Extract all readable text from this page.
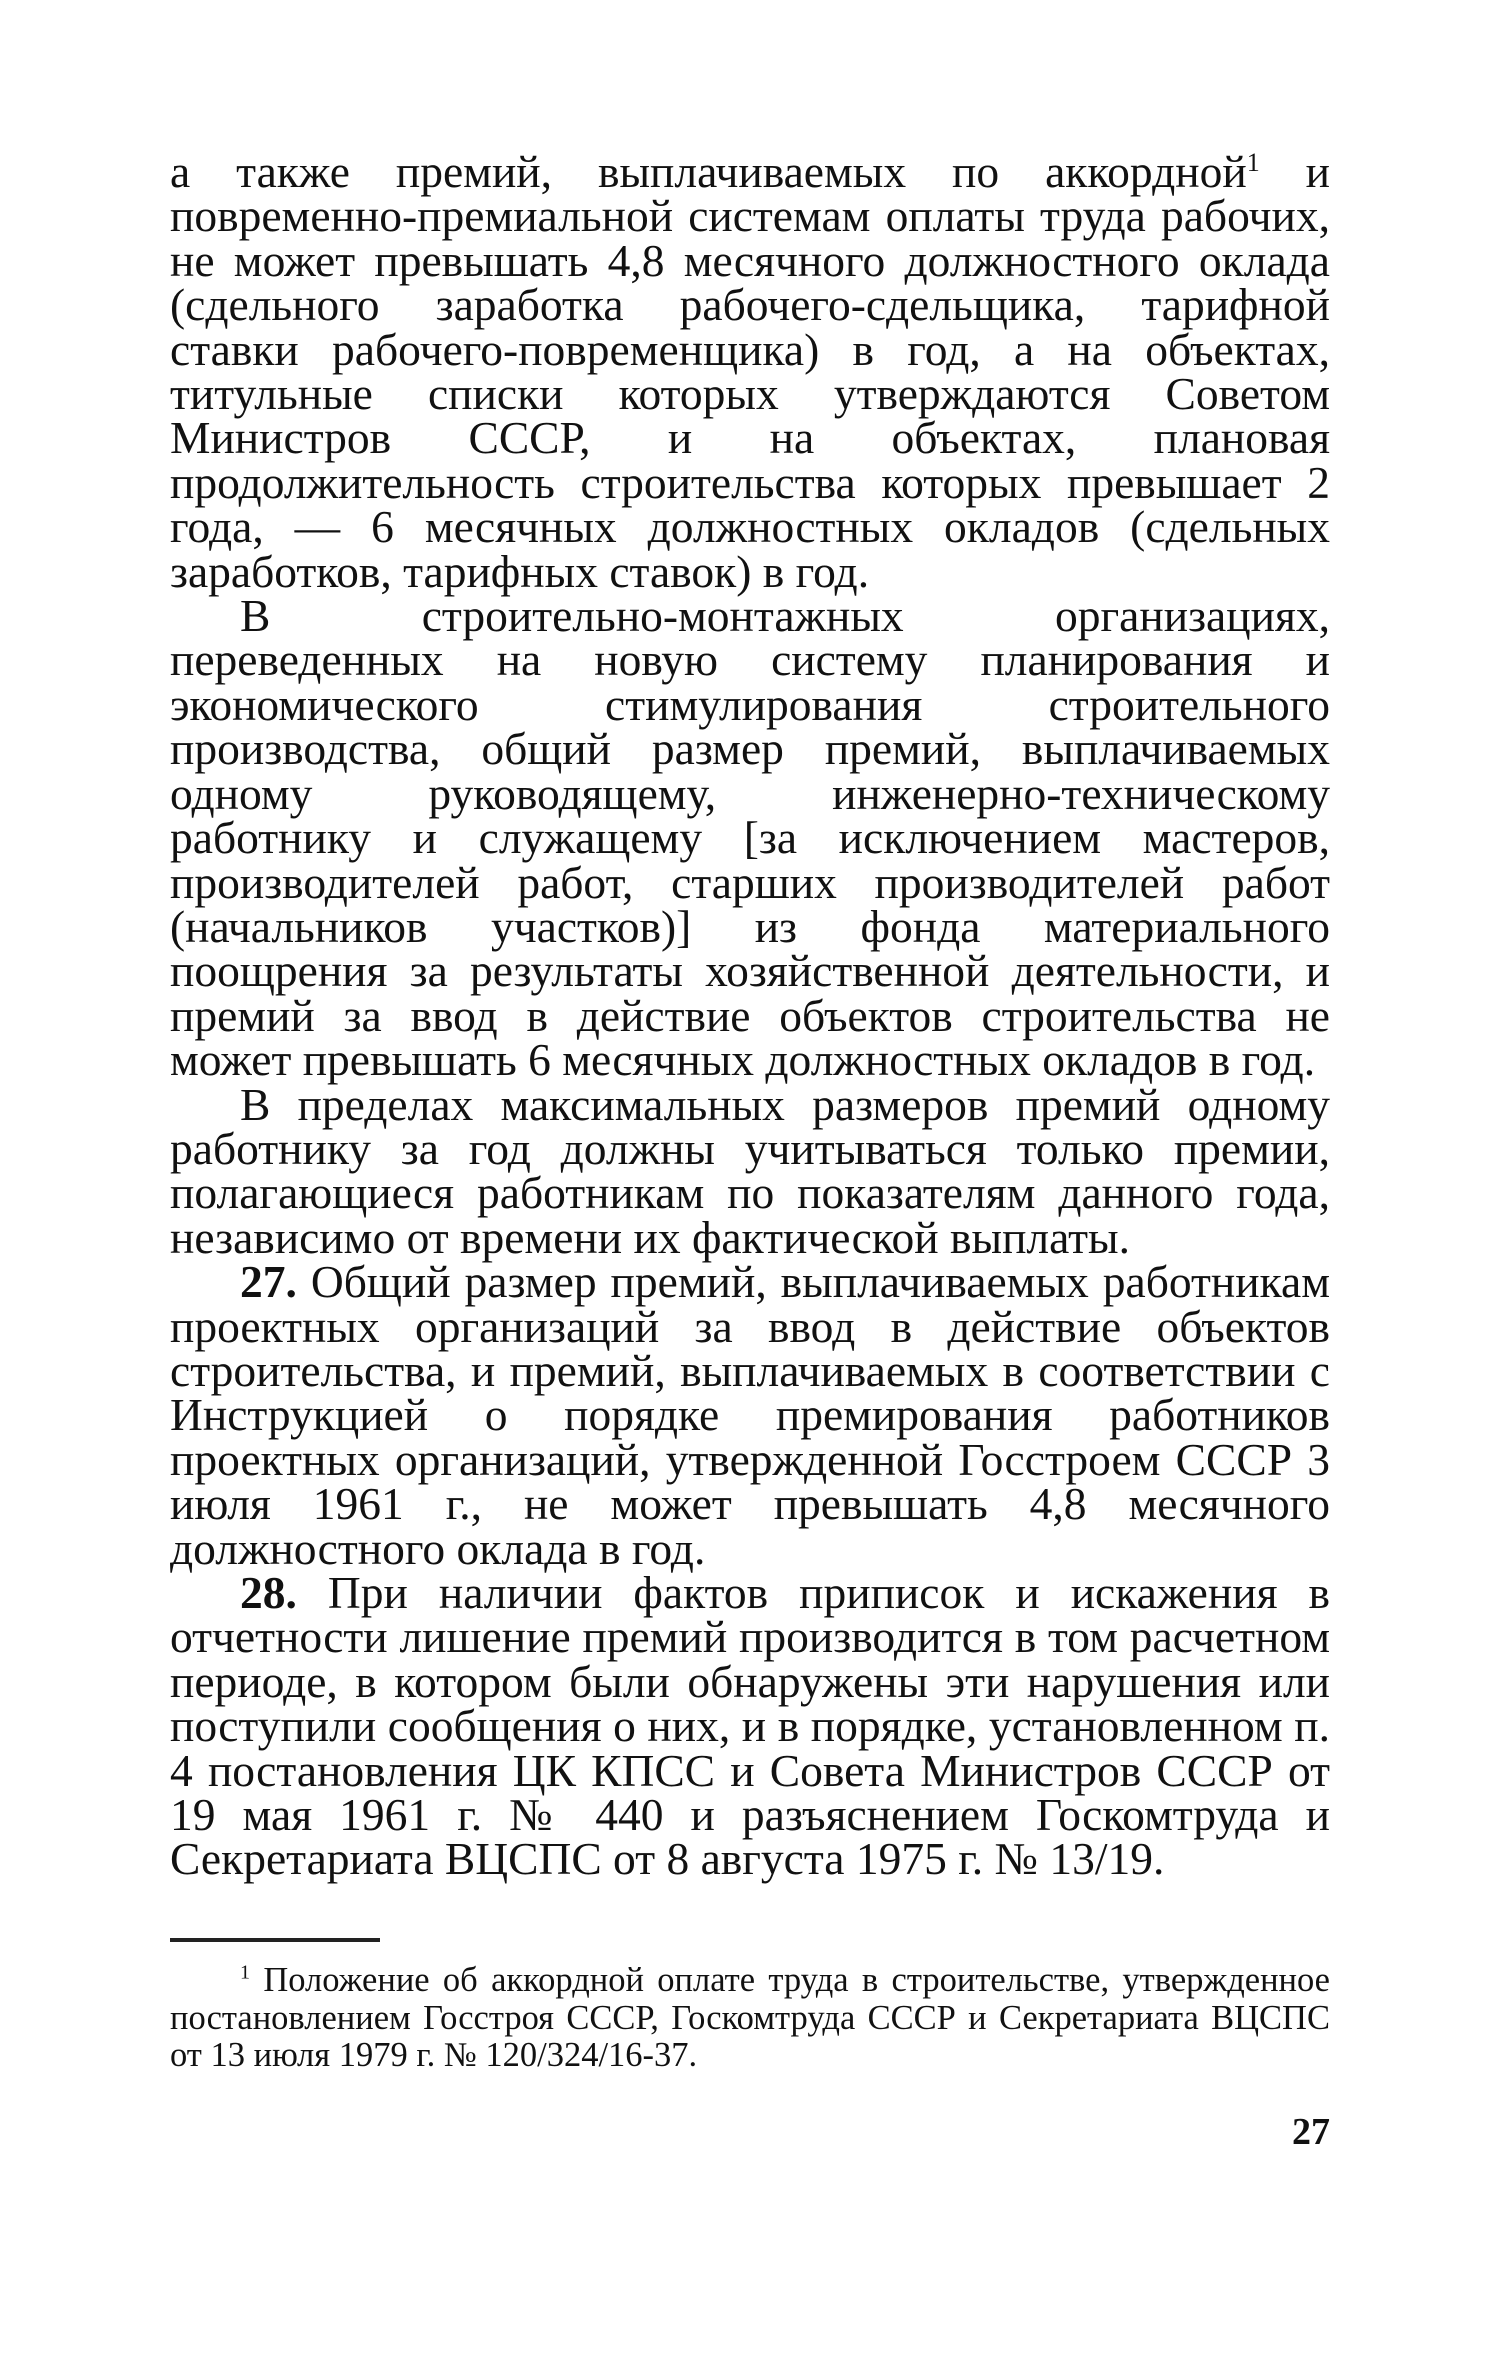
а также премий, выплачиваемых по аккордной$^1$ и повременно-премиальной системам оплаты труда рабочих, не может превышать 4,8 месячного должностного оклада (сдельного заработка рабочего-сдельщика, тарифной ставки рабочего-повременщика) в год, а на объектах, титульные списки которых утверждаются Советом Министров СССР, и на объектах, плановая продолжительность строительства которых превышает 2 года, — 6 месячных должностных окладов (сдельных заработков, тарифных ставок) в год.

В строительно-монтажных организациях, переведенных на новую систему планирования и экономического стимулирования строительного производства, общий размер премий, выплачиваемых одному руководящему, инженерно-техническому работнику и служащему [за исключением мастеров, производителей работ, старших производителей работ (начальников участков)] из фонда материального поощрения за результаты хозяйственной деятельности, и премий за ввод в действие объектов строительства не может превышать 6 месячных должностных окладов в год.

В пределах максимальных размеров премий одному работнику за год должны учитываться только премии, полагающиеся работникам по показателям данного года, независимо от времени их фактической выплаты.

27. Общий размер премий, выплачиваемых работникам проектных организаций за ввод в действие объектов строительства, и премий, выплачиваемых в соответствии с Инструкцией о порядке премирования работников проектных организаций, утвержденной Госстроем СССР 3 июля 1961 г., не может превышать 4,8 месячного должностного оклада в год.

28. При наличии фактов приписок и искажения в отчетности лишение премий производится в том расчетном периоде, в котором были обнаружены эти нарушения или поступили сообщения о них, и в порядке, установленном п. 4 постановления ЦК КПСС и Совета Министров СССР от 19 мая 1961 г. № 440 и разъяснением Госкомтруда и Секретариата ВЦСПС от 8 августа 1975 г. № 13/19.

$^1$ Положение об аккордной оплате труда в строительстве, утвержденное постановлением Госстроя СССР, Госкомтруда СССР и Секретариата ВЦСПС от 13 июля 1979 г. № 120/324/16-37.

27
